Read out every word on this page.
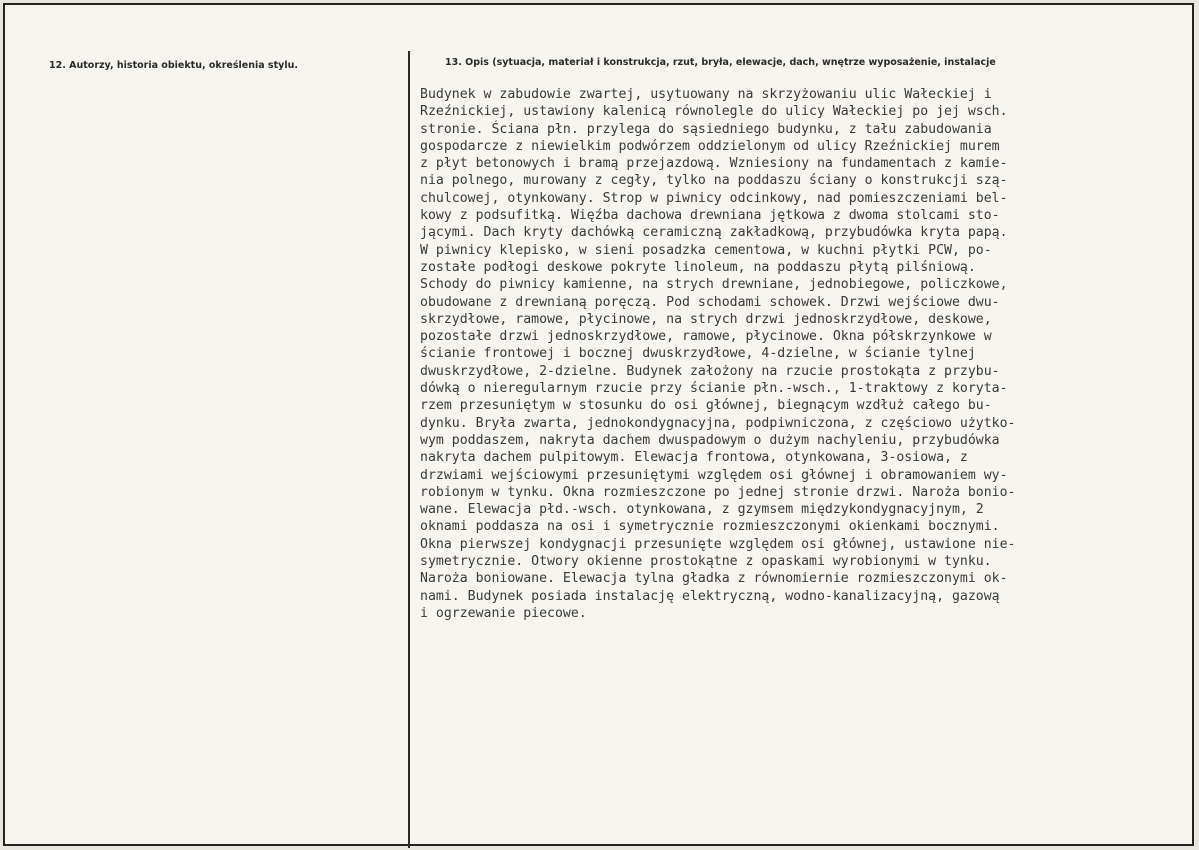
12. Autorzy, historia obiektu, określenia stylu.	13. Opis (sytuacja, materiał i konstrukcja, rzut, bryła, elewacje, dach, wnętrze wyposażenie, instalacje
Budynek w zabudowie zwartej, usytuowany na skrzyżowaniu ulic Wałeckiej i
Rzeźnickiej, ustawiony kalenicą równolegle do ulicy Wałeckiej po jej wsch.
stronie. Ściana płn. przylega do sąsiedniego budynku, z tału zabudowania
gospodarcze z niewielkim podwórzem oddzielonym od ulicy Rzeźnickiej murem
z płyt betonowych i bramą przejazdową. Wzniesiony na fundamentach z kamie-
nia polnego, murowany z cegły, tylko na poddaszu ściany o konstrukcji szą-
chulcowej, otynkowany. Strop w piwnicy odcinkowy, nad pomieszczeniami bel-
kowy z podsufitką. Więźba dachowa drewniana jętkowa z dwoma stolcami sto-
jącymi. Dach kryty dachówką ceramiczną zakładkową, przybudówka kryta papą.
W piwnicy klepisko, w sieni posadzka cementowa, w kuchni płytki PCW, po-
zostałe podłogi deskowe pokryte linoleum, na poddaszu płytą pilśniową.
Schody do piwnicy kamienne, na strych drewniane, jednobiegowe, policzkowe,
obudowane z drewnianą poręczą. Pod schodami schowek. Drzwi wejściowe dwu-
skrzydłowe, ramowe, płycinowe, na strych drzwi jednoskrzydłowe, deskowe,
pozostałe drzwi jednoskrzydłowe, ramowe, płycinowe. Okna półskrzynkowe w
ścianie frontowej i bocznej dwuskrzydłowe, 4-dzielne, w ścianie tylnej
dwuskrzydłowe, 2-dzielne. Budynek założony na rzucie prostokąta z przybu-
dówką o nieregularnym rzucie przy ścianie płn.-wsch., 1-traktowy z koryta-
rzem przesuniętym w stosunku do osi głównej, biegnącym wzdłuż całego bu-
dynku. Bryła zwarta, jednokondygnacyjna, podpiwniczona, z częściowo użytko-
wym poddaszem, nakryta dachem dwuspadowym o dużym nachyleniu, przybudówka
nakryta dachem pulpitowym. Elewacja frontowa, otynkowana, 3-osiowa, z
drzwiami wejściowymi przesuniętymi względem osi głównej i obramowaniem wy-
robionym w tynku. Okna rozmieszczone po jednej stronie drzwi. Naroża bonio-
wane. Elewacja płd.-wsch. otynkowana, z gzymsem międzykondygnacyjnym, 2
oknami poddasza na osi i symetrycznie rozmieszczonymi okienkami bocznymi.
Okna pierwszej kondygnacji przesunięte względem osi głównej, ustawione nie-
symetrycznie. Otwory okienne prostokątne z opaskami wyrobionymi w tynku.
Naroża boniowane. Elewacja tylna gładka z równomiernie rozmieszczonymi ok-
nami. Budynek posiada instalację elektryczną, wodno-kanalizacyjną, gazową
i ogrzewanie piecowe.
